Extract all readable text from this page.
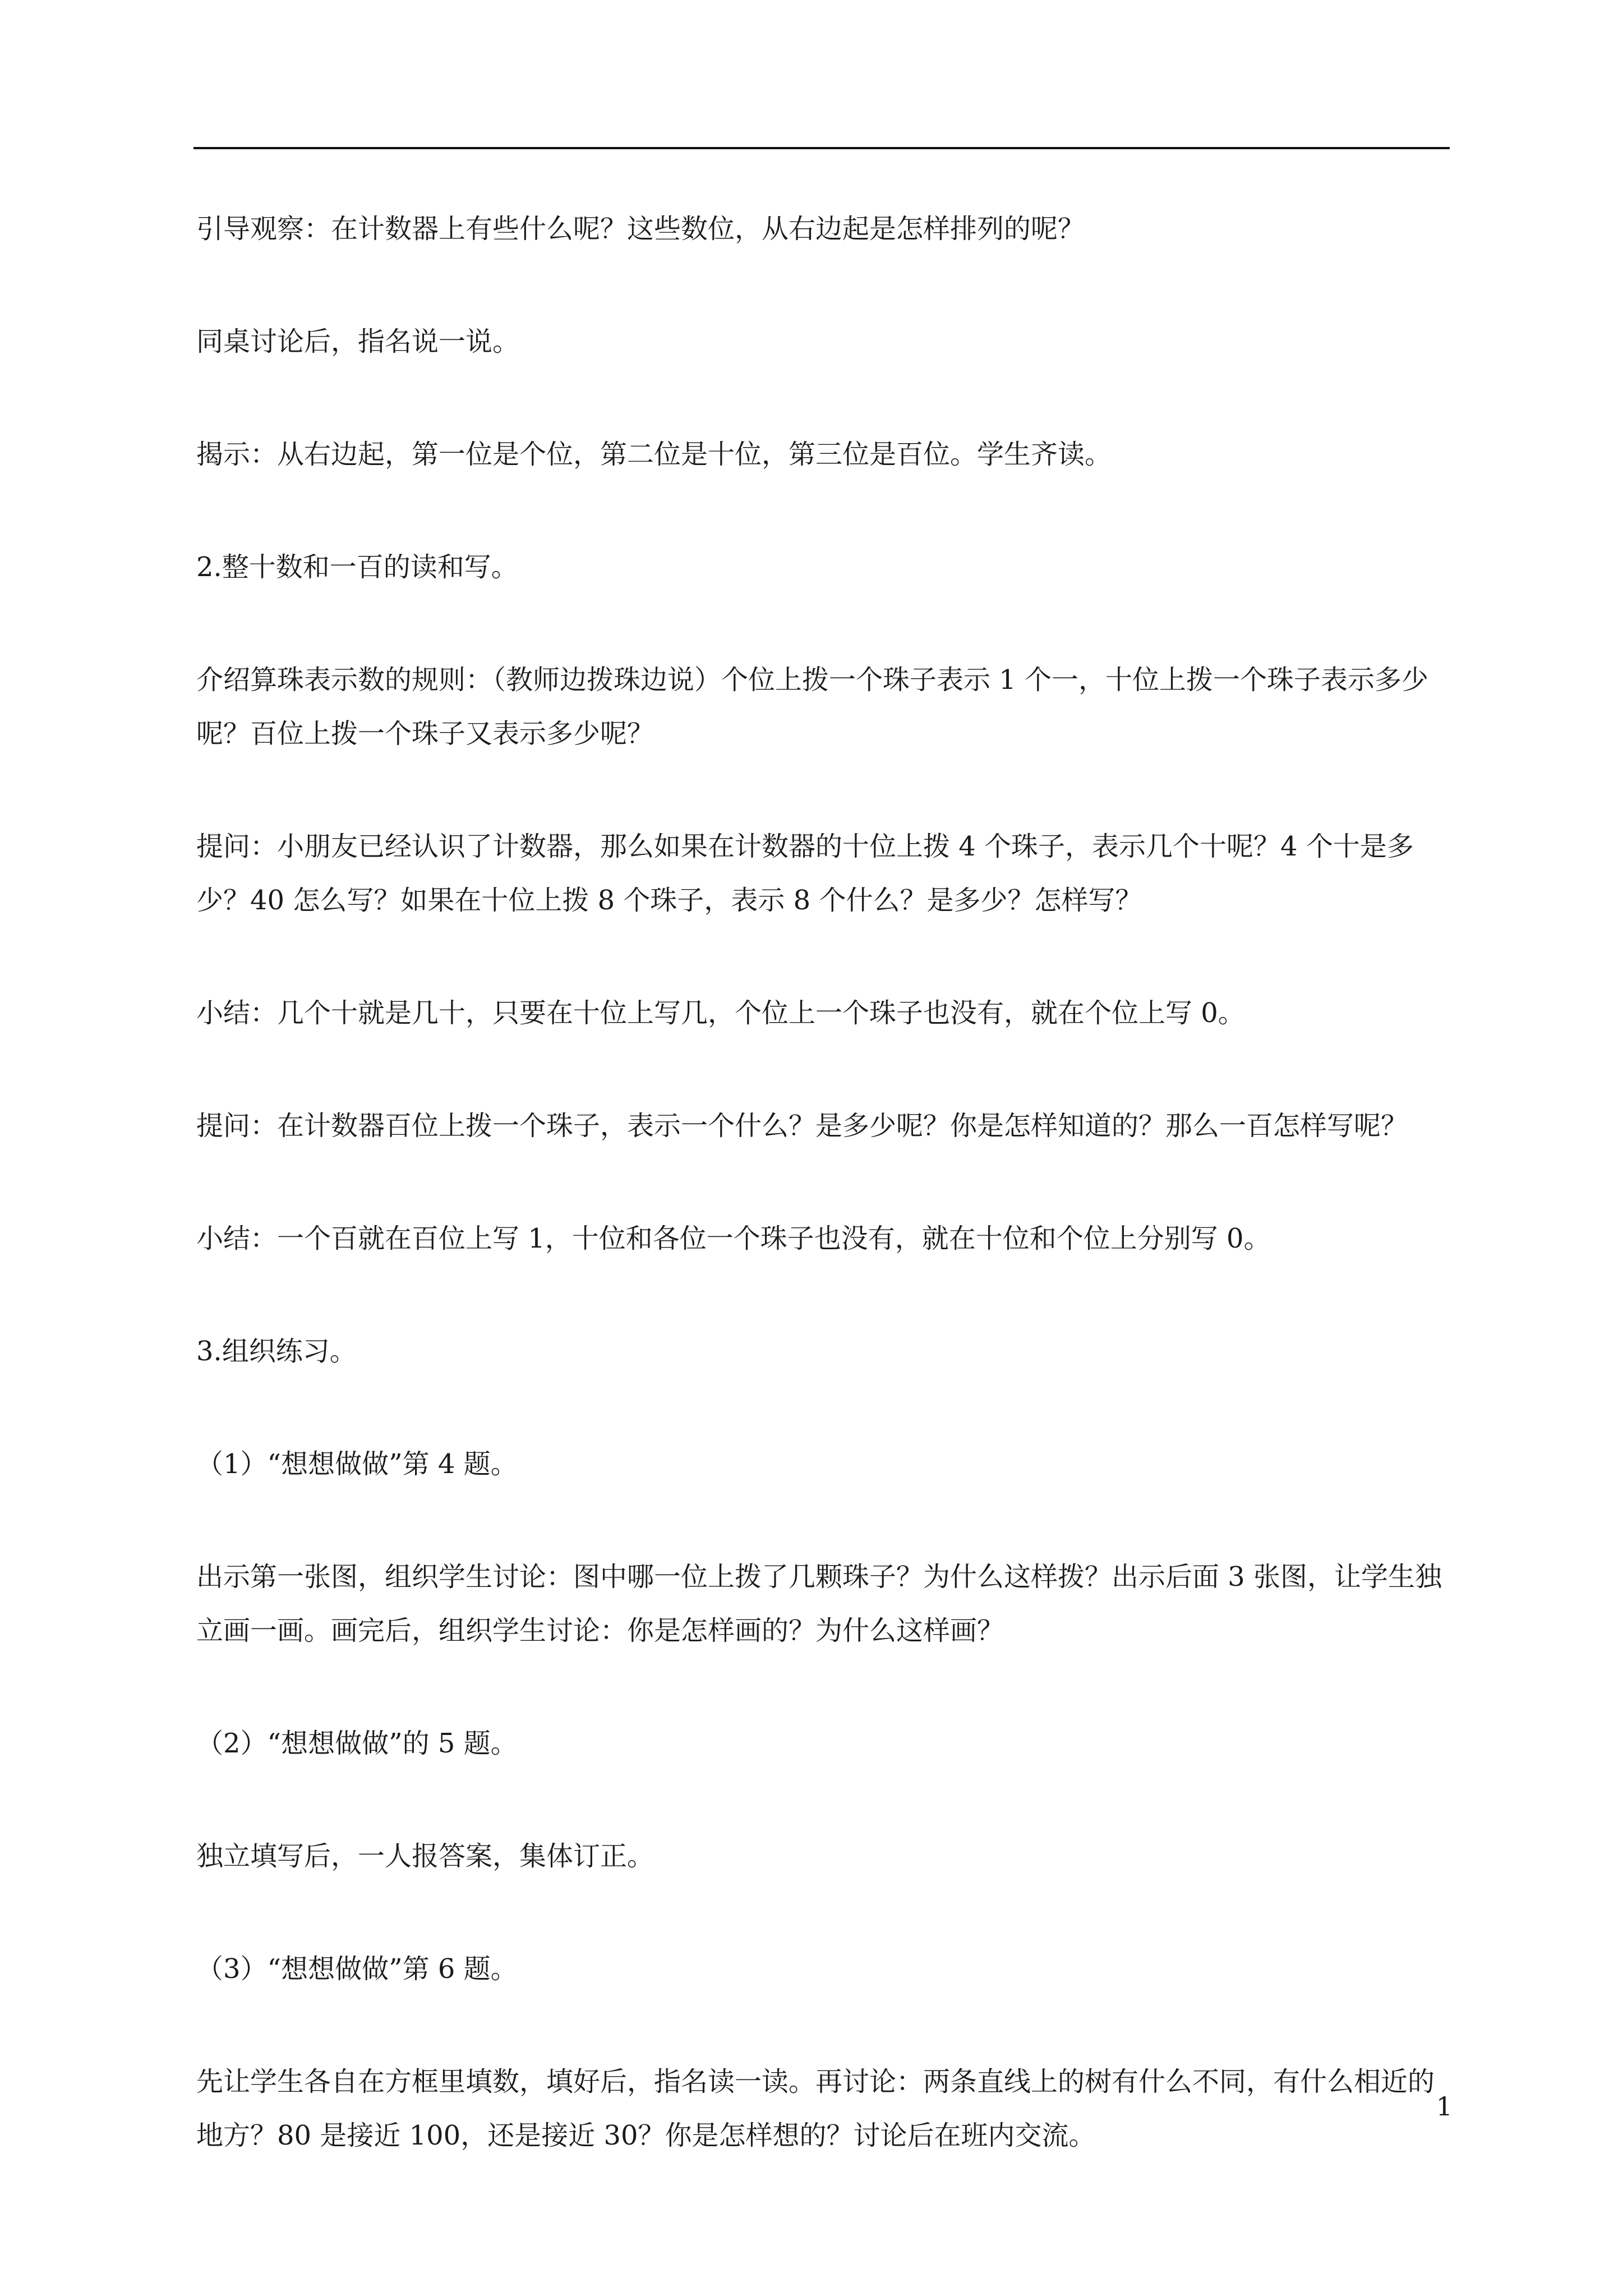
引导观察：在计数器上有些什么呢？这些数位，从右边起是怎样排列的呢？

同桌讨论后，指名说一说。

揭示：从右边起，第一位是个位，第二位是十位，第三位是百位。学生齐读。

2.整十数和一百的读和写。

介绍算珠表示数的规则：（教师边拨珠边说）个位上拨一个珠子表示 1 个一，十位上拨一个珠子表示多少呢？百位上拨一个珠子又表示多少呢？

提问：小朋友已经认识了计数器，那么如果在计数器的十位上拨 4 个珠子，表示几个十呢？4 个十是多少？40 怎么写？如果在十位上拨 8 个珠子，表示 8 个什么？是多少？怎样写？

小结：几个十就是几十，只要在十位上写几，个位上一个珠子也没有，就在个位上写 0。

提问：在计数器百位上拨一个珠子，表示一个什么？是多少呢？你是怎样知道的？那么一百怎样写呢？

小结：一个百就在百位上写 1，十位和各位一个珠子也没有，就在十位和个位上分别写 0。

3.组织练习。

（1）“想想做做”第 4 题。

出示第一张图，组织学生讨论：图中哪一位上拨了几颗珠子？为什么这样拨？出示后面 3 张图，让学生独立画一画。画完后，组织学生讨论：你是怎样画的？为什么这样画？

（2）“想想做做”的 5 题。

独立填写后，一人报答案，集体订正。

（3）“想想做做”第 6 题。

先让学生各自在方框里填数，填好后，指名读一读。再讨论：两条直线上的树有什么不同，有什么相近的地方？80 是接近 100，还是接近 30？你是怎样想的？讨论后在班内交流。

1
